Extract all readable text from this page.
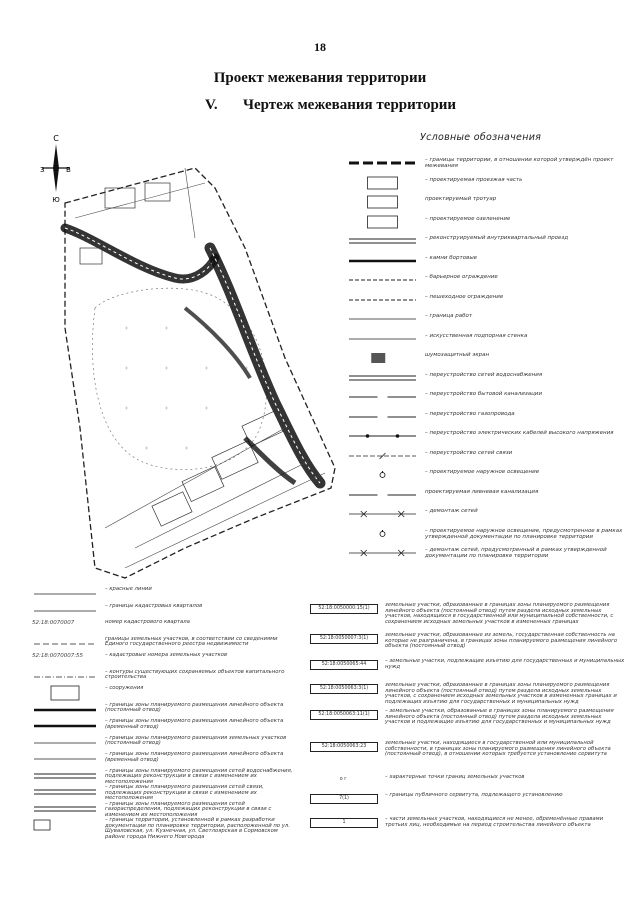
18
Проект межевания территории
V. Чертеж межевания территории
С
З	В
Ю
Условные обозначения
– границы территории, в отношении которой утверждён проект межевания
– проектируемая проезжая часть
проектируемый тротуар
– проектируемое озеленение
– реконструируемый внутриквартальный проезд
– камни бортовые
– барьерное ограждение
– пешеходное ограждение
– граница работ
– искусственная подпорная стенка
шумозащитный экран
– переустройство сетей водоснабжения
– переустройство бытовой канализации
– переустройство газопровода
– переустройство электрических кабелей высокого напряжения
– переустройство сетей связи
– проектируемое наружное освещение
проектируемая ливневая канализация
– демонтаж сетей
– проектируемое наружное освещение, предусмотренное в рамках утвержденной документации по планировке территории
– демонтаж сетей, предусмотренный в рамках утвержденной документации по планировке территории
– красные линии
– границы кадастровых кварталов
52:18:0070007	номер кадастрового квартала
границы земельных участков, в соответствии со сведениями Единого государственного реестра недвижимости
52:18:0070007:55	– кадастровые номера земельных участков
– контуры существующих сохраняемых объектов капитального строительства
– сооружения
– границы зоны планируемого размещения линейного объекта (постоянный отвод)
– границы зоны планируемого размещения линейного объекта (временный отвод)
– границы зоны планируемого размещения земельных участков (постоянный отвод)
– границы зоны планируемого размещения линейного объекта (временный отвод)
– границы зоны планируемого размещения сетей водоснабжения, подлежащих реконструкции в связи с изменением их местоположения
– границы зоны планируемого размещения сетей связи, подлежащих реконструкции в связи с изменением их местоположения
– границы зоны планируемого размещения сетей газораспределения, подлежащих реконструкции в связи с изменением их местоположения
– границы территории, установленной в рамках разработки документации по планировке территории, расположенной по ул. Шуваловская, ул. Кузнечная, ул. Светлоярская в Сормовском районе города Нижнего Новгорода
52:18:0050000:15(1)
земельные участки, образованные в границах зоны планируемого размещения линейного объекта (постоянный отвод) путем раздела исходных земельных участков, находящихся в государственной или муниципальной собственности, с сохранением исходных земельных участков в измененных границах
52:18:0050007:3(1)
земельные участки, образованные из земель, государственная собственность на которые не разграничена, в границах зоны планируемого размещения линейного объекта (постоянный отвод)
52:18:0050065:44
– земельные участки, подлежащие изъятию для государственных и муниципальных нужд
52:18:0050063:3(1)
земельные участки, образованные в границах зоны планируемого размещения линейного объекта (постоянный отвод) путем раздела исходных земельных участков, с сохранением исходных земельных участков в измененных границах и подлежащих изъятию для государственных и муниципальных нужд
52:18:0050063:11(1)
– земельные участки, образованные в границах зоны планируемого размещения линейного объекта (постоянный отвод) путем раздела исходных земельных участков и подлежащие изъятию для государственных и муниципальных нужд
52:18:0050063:23
земельные участки, находящиеся в государственной или муниципальной собственности, в границах зоны планируемого размещения линейного объекта (постоянный отвод), в отношении которых требуется установление сервитута
o r	– характерные точки границ земельных участков
7(1)
– границы публичного сервитута, подлежащего установлению
1
– части земельных участков, находящиеся не менее, обременённые правами третьих лиц, необходимые на период строительства линейного объекта
